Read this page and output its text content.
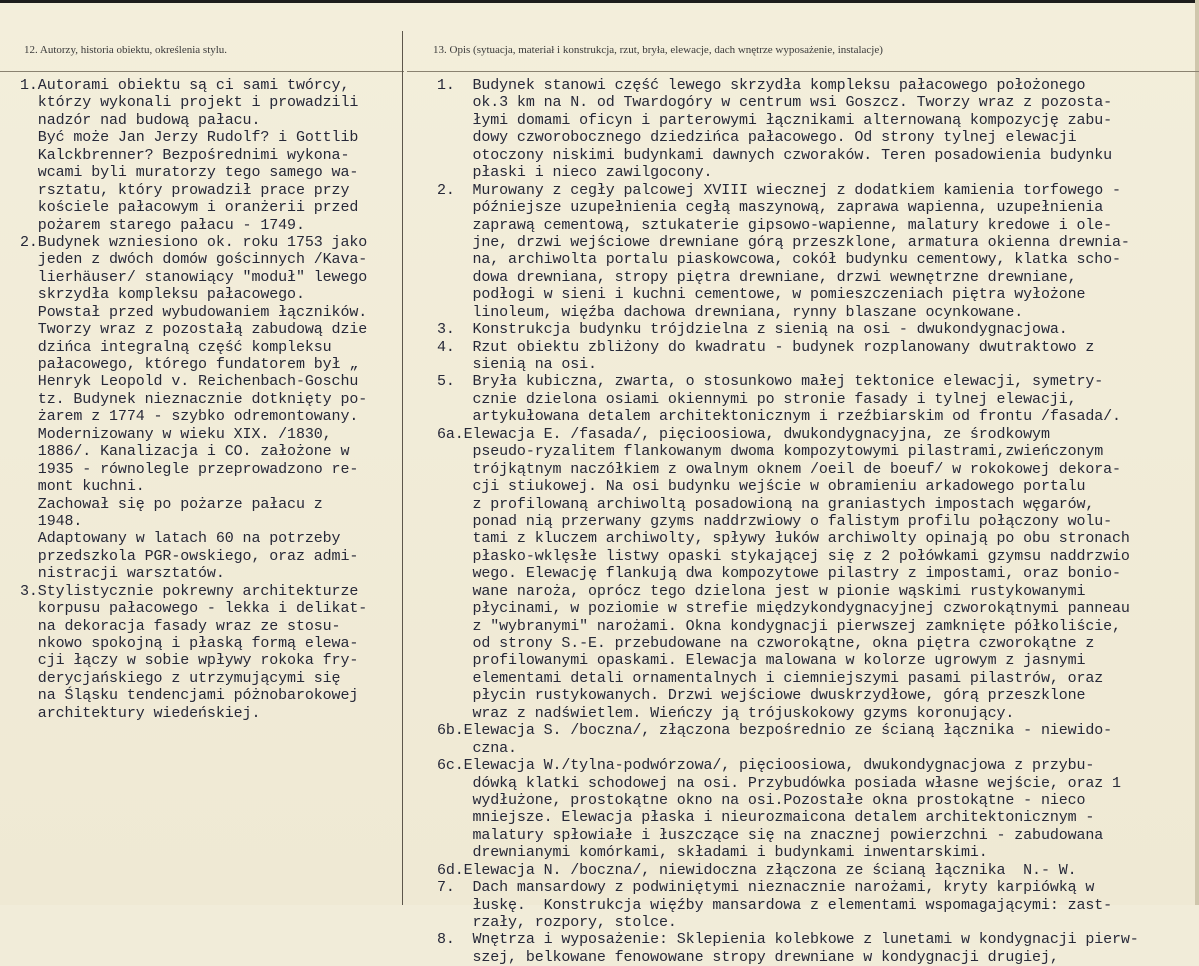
12. Autorzy, historia obiektu, określenia stylu.	13. Opis (sytuacja, materiał i konstrukcja, rzut, bryła, elewacje, dach wnętrze wyposażenie, instalacje)
1.Autorami obiektu są ci sami twórcy,
którzy wykonali projekt i prowadzili
nadzór nad budową pałacu.
Być może Jan Jerzy Rudolf? i Gottlib
Kalckbrenner? Bezpośrednimi wykona-
wcami byli muratorzy tego samego wa-
rsztatu, który prowadził prace przy
kościele pałacowym i oranżerii przed
pożarem starego pałacu - 1749.
2.Budynek wzniesiono ok. roku 1753 jako
jeden z dwóch domów gościnnych /Kava-
lierhäuser/ stanowiący "moduł" lewego
skrzydła kompleksu pałacowego.
Powstał przed wybudowaniem łączników.
Tworzy wraz z pozostałą zabudową dzie
dzińca integralną część kompleksu
pałacowego, którego fundatorem był „
Henryk Leopold v. Reichenbach-Goschu
tz. Budynek nieznacznie dotknięty po-
żarem z 1774 - szybko odremontowany.
Modernizowany w wieku XIX. /1830,
1886/. Kanalizacja i CO. założone w
1935 - równolegle przeprowadzono re-
mont kuchni.
Zachował się po pożarze pałacu z
1948.
Adaptowany w latach 60 na potrzeby
przedszkola PGR-owskiego, oraz admi-
nistracji warsztatów.
3.Stylistycznie pokrewny architekturze
korpusu pałacowego - lekka i delikat-
na dekoracja fasady wraz ze stosu-
nkowo spokojną i płaską formą elewa-
cji łączy w sobie wpływy rokoka fry-
derycjańskiego z utrzymującymi się
na Śląsku tendencjami póżnobarokowej
architektury wiedeńskiej.
1.  Budynek stanowi część lewego skrzydła kompleksu pałacowego położonego
ok.3 km na N. od Twardogóry w centrum wsi Goszcz. Tworzy wraz z pozosta-
łymi domami oficyn i parterowymi łącznikami alternowaną kompozycję zabu-
dowy czworobocznego dziedzińca pałacowego. Od strony tylnej elewacji
otoczony niskimi budynkami dawnych czworaków. Teren posadowienia budynku
płaski i nieco zawilgocony.
2.  Murowany z cegły palcowej XVIII wiecznej z dodatkiem kamienia torfowego -
późniejsze uzupełnienia cegłą maszynową, zaprawa wapienna, uzupełnienia
zaprawą cementową, sztukaterie gipsowo-wapienne, malatury kredowe i ole-
jne, drzwi wejściowe drewniane górą przeszklone, armatura okienna drewnia-
na, archiwolta portalu piaskowcowa, cokół budynku cementowy, klatka scho-
dowa drewniana, stropy piętra drewniane, drzwi wewnętrzne drewniane,
podłogi w sieni i kuchni cementowe, w pomieszczeniach piętra wyłożone
linoleum, więźba dachowa drewniana, rynny blaszane ocynkowane.
3.  Konstrukcja budynku trójdzielna z sienią na osi - dwukondygnacjowa.
4.  Rzut obiektu zbliżony do kwadratu - budynek rozplanowany dwutraktowo z
sienią na osi.
5.  Bryła kubiczna, zwarta, o stosunkowo małej tektonice elewacji, symetry-
cznie dzielona osiami okiennymi po stronie fasady i tylnej elewacji,
artykułowana detalem architektonicznym i rzeźbiarskim od frontu /fasada/.
6a.Elewacja E. /fasada/, pięcioosiowa, dwukondygnacyjna, ze środkowym
pseudo-ryzalitem flankowanym dwoma kompozytowymi pilastrami,zwieńczonym
trójkątnym naczółkiem z owalnym oknem /oeil de boeuf/ w rokokowej dekora-
cji stiukowej. Na osi budynku wejście w obramieniu arkadowego portalu
z profilowaną archiwoltą posadowioną na graniastych impostach węgarów,
ponad nią przerwany gzyms naddrzwiowy o falistym profilu połączony wolu-
tami z kluczem archiwolty, spływy łuków archiwolty opinają po obu stronach
płasko-wklęsłe listwy opaski stykającej się z 2 połówkami gzymsu naddrzwio
wego. Elewację flankują dwa kompozytowe pilastry z impostami, oraz bonio-
wane naroża, oprócz tego dzielona jest w pionie wąskimi rustykowanymi
płycinami, w poziomie w strefie międzykondygnacyjnej czworokątnymi panneau
z "wybranymi" narożami. Okna kondygnacji pierwszej zamknięte półkoliście,
od strony S.-E. przebudowane na czworokątne, okna piętra czworokątne z
profilowanymi opaskami. Elewacja malowana w kolorze ugrowym z jasnymi
elementami detali ornamentalnych i ciemniejszymi pasami pilastrów, oraz
płycin rustykowanych. Drzwi wejściowe dwuskrzydłowe, górą przeszklone
wraz z nadświetlem. Wieńczy ją trójuskokowy gzyms koronujący.
6b.Elewacja S. /boczna/, złączona bezpośrednio ze ścianą łącznika - niewido-
czna.
6c.Elewacja W./tylna-podwórzowa/, pięcioosiowa, dwukondygnacjowa z przybu-
dówką klatki schodowej na osi. Przybudówka posiada własne wejście, oraz 1
wydłużone, prostokątne okno na osi.Pozostałe okna prostokątne - nieco
mniejsze. Elewacja płaska i nieurozmaicona detalem architektonicznym -
malatury spłowiałe i łuszczące się na znacznej powierzchni - zabudowana
drewnianymi komórkami, składami i budynkami inwentarskimi.
6d.Elewacja N. /boczna/, niewidoczna złączona ze ścianą łącznika  N.- W.
7.  Dach mansardowy z podwiniętymi nieznacznie narożami, kryty karpiówką w
łuskę.  Konstrukcja więźby mansardowa z elementami wspomagającymi: zast-
rzały, rozpory, stolce.
8.  Wnętrza i wyposażenie: Sklepienia kolebkowe z lunetami w kondygnacji pierw-
szej, belkowane fenowowane stropy drewniane w kondygnacji drugiej,
